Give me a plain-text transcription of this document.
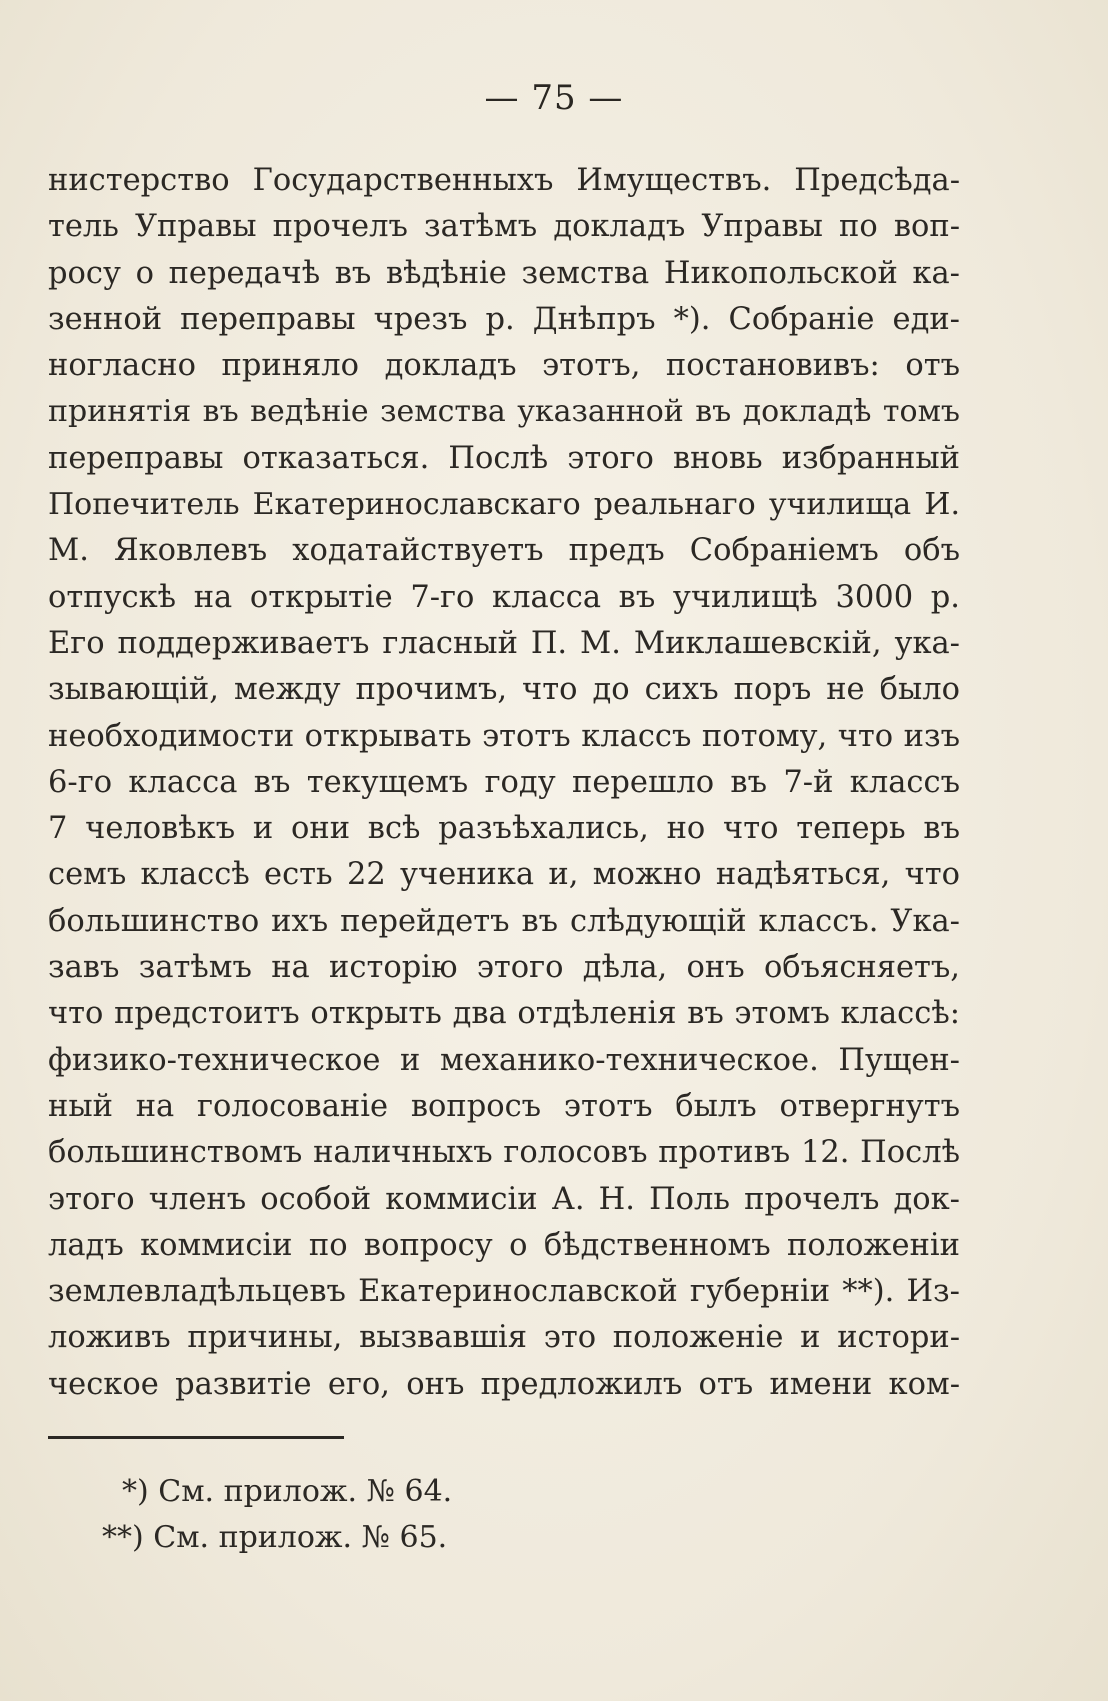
— 75 —
нистерство Государственныхъ Имуществъ. Предсѣда-
тель Управы прочелъ затѣмъ докладъ Управы по воп-
росу о передачѣ въ вѣдѣніе земства Никопольской ка-
зенной переправы чрезъ р. Днѣпръ *). Собраніе еди-
ногласно приняло докладъ этотъ, постановивъ: отъ
принятія въ ведѣніе земства указанной въ докладѣ томъ
переправы отказаться. Послѣ этого вновь избранный
Попечитель Екатеринославскаго реальнаго училища И.
М. Яковлевъ ходатайствуетъ предъ Собраніемъ объ
отпускѣ на открытіе 7-го класса въ училищѣ 3000 р.
Его поддерживаетъ гласный П. М. Миклашевскій, ука-
зывающій, между прочимъ, что до сихъ поръ не было
необходимости открывать этотъ классъ потому, что изъ
6-го класса въ текущемъ году перешло въ 7-й классъ
7 человѣкъ и они всѣ разъѣхались, но что теперь въ
семъ классѣ есть 22 ученика и, можно надѣяться, что
большинство ихъ перейдетъ въ слѣдующій классъ. Ука-
завъ затѣмъ на исторію этого дѣла, онъ объясняетъ,
что предстоитъ открыть два отдѣленія въ этомъ классѣ:
физико-техническое и механико-техническое. Пущен-
ный на голосованіе вопросъ этотъ былъ отвергнутъ
большинствомъ наличныхъ голосовъ противъ 12. Послѣ
этого членъ особой коммисіи А. Н. Поль прочелъ док-
ладъ коммисіи по вопросу о бѣдственномъ положеніи
землевладѣльцевъ Екатеринославской губерніи **). Из-
ложивъ причины, вызвавшія это положеніе и истори-
ческое развитіе его, онъ предложилъ отъ имени ком-
*) См. прилож. № 64.
**) См. прилож. № 65.
